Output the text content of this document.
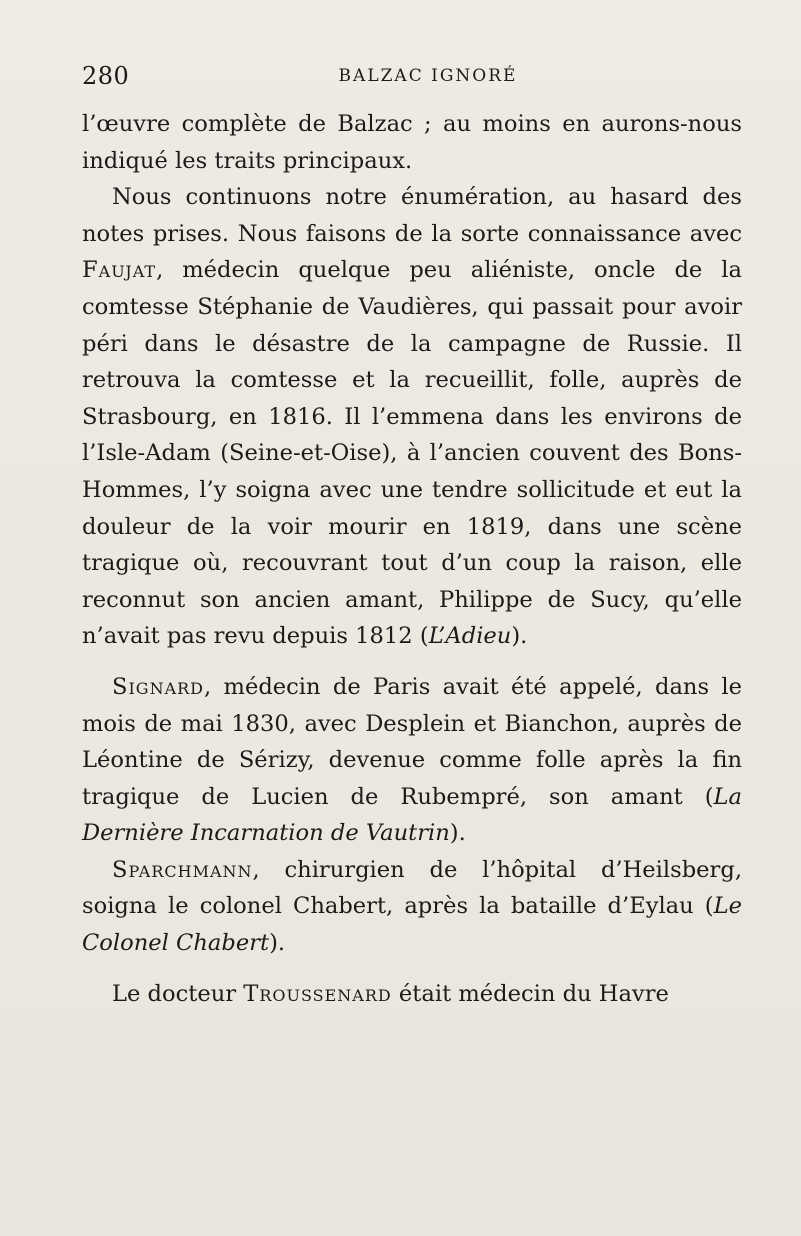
280	BALZAC IGNORÉ

l’œuvre complète de Balzac ; au moins en aurons-nous indiqué les traits principaux.

Nous continuons notre énumération, au hasard des notes prises. Nous faisons de la sorte connaissance avec Faujat, médecin quelque peu aliéniste, oncle de la comtesse Stéphanie de Vaudières, qui passait pour avoir péri dans le désastre de la campagne de Russie. Il retrouva la comtesse et la recueillit, folle, auprès de Strasbourg, en 1816. Il l’emmena dans les environs de l’Isle-Adam (Seine-et-Oise), à l’ancien couvent des Bons-Hommes, l’y soigna avec une tendre sollicitude et eut la douleur de la voir mourir en 1819, dans une scène tragique où, recouvrant tout d’un coup la raison, elle reconnut son ancien amant, Philippe de Sucy, qu’elle n’avait pas revu depuis 1812 (L’Adieu).

Signard, médecin de Paris avait été appelé, dans le mois de mai 1830, avec Desplein et Bianchon, auprès de Léontine de Sérizy, devenue comme folle après la fin tragique de Lucien de Rubempré, son amant (La Dernière Incarnation de Vautrin).

Sparchmann, chirurgien de l’hôpital d’Heilsberg, soigna le colonel Chabert, après la bataille d’Eylau (Le Colonel Chabert).

Le docteur Troussenard était médecin du Havre
